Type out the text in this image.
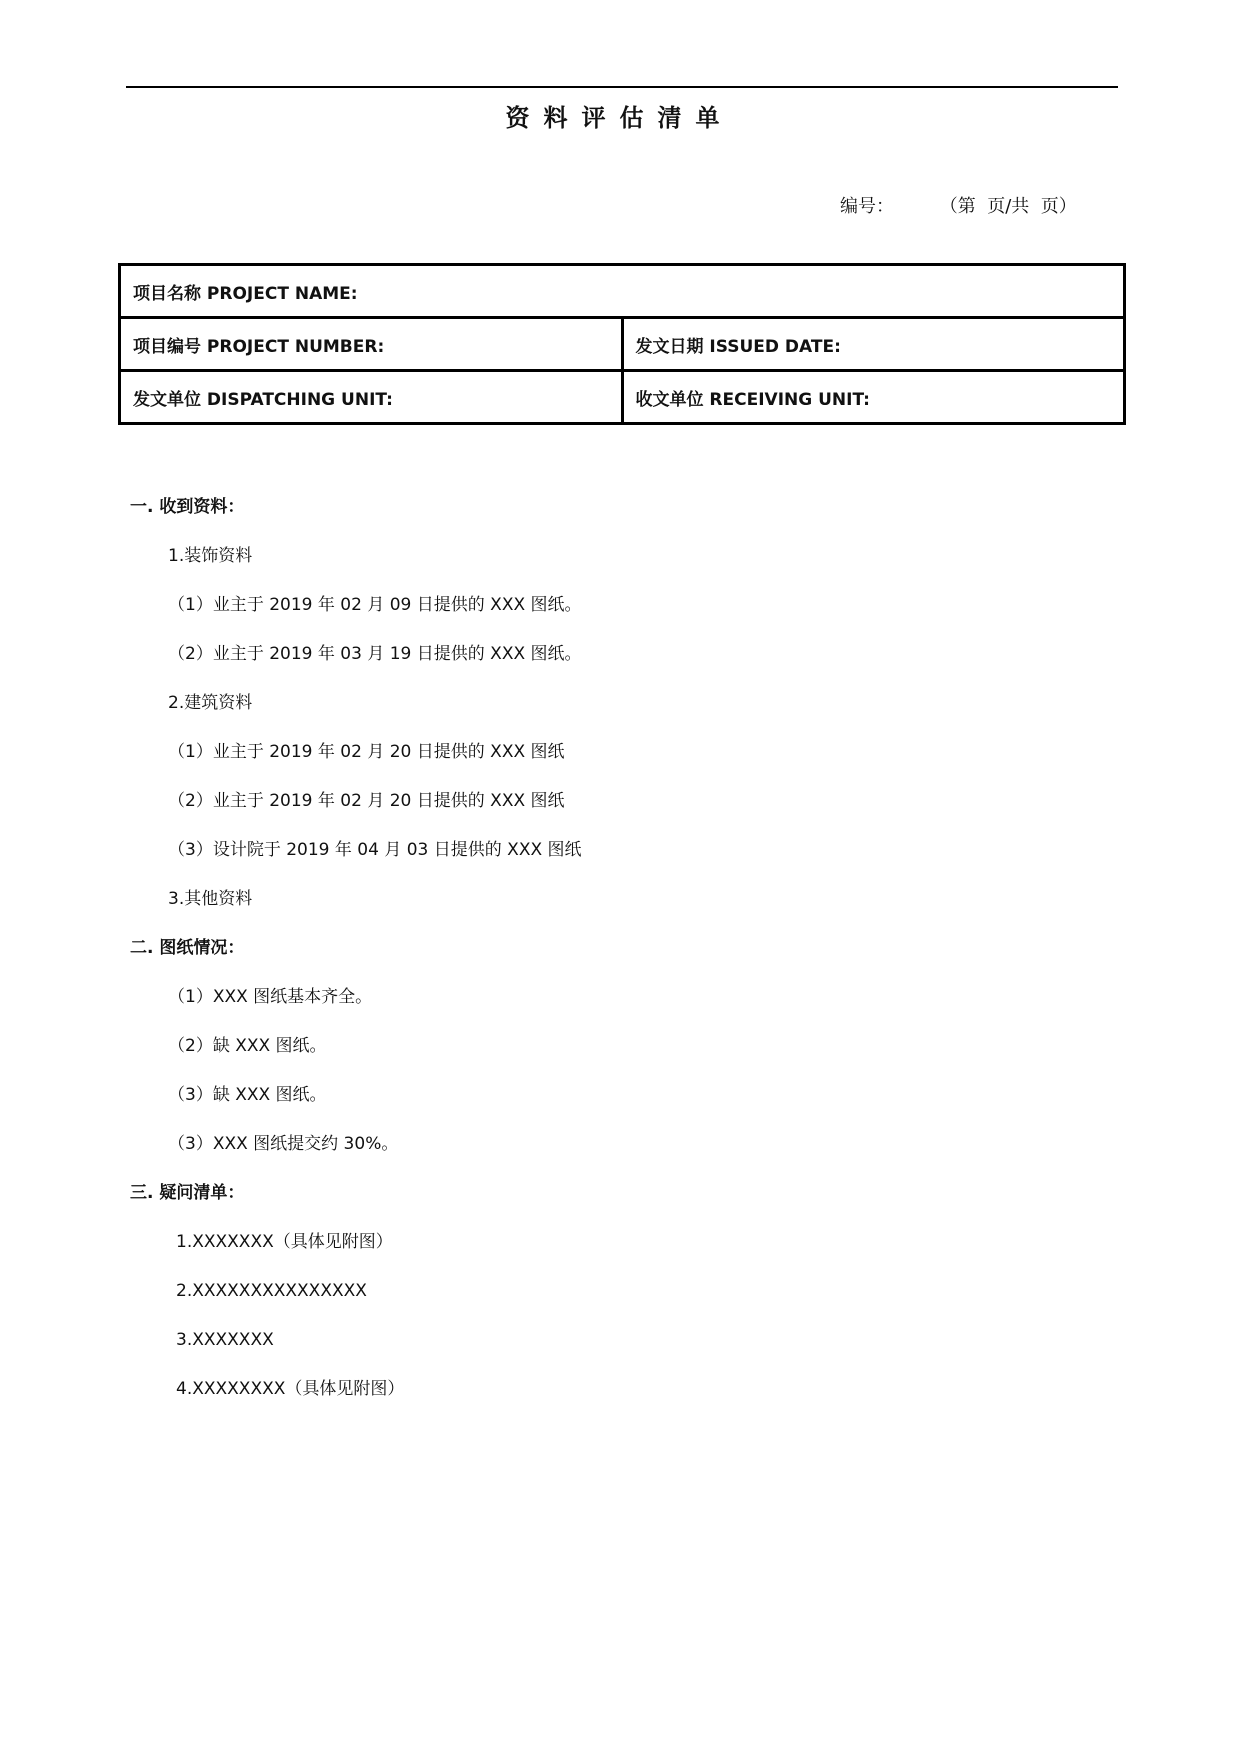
资料评估清单
编号：	（第  页/共  页）
项目名称 PROJECT NAME:	
项目编号 PROJECT NUMBER:	发文日期 ISSUED DATE:
发文单位 DISPATCHING UNIT:	收文单位 RECEIVING UNIT:
一. 收到资料：
1.装饰资料
（1）业主于 2019 年 02 月 09 日提供的 XXX 图纸。
（2）业主于 2019 年 03 月 19 日提供的 XXX 图纸。
2.建筑资料
（1）业主于 2019 年 02 月 20 日提供的 XXX 图纸
（2）业主于 2019 年 02 月 20 日提供的 XXX 图纸
（3）设计院于 2019 年 04 月 03 日提供的 XXX 图纸
3.其他资料
二. 图纸情况：
（1）XXX 图纸基本齐全。
（2）缺 XXX 图纸。
（3）缺 XXX 图纸。
（3）XXX 图纸提交约 30%。
三. 疑问清单：
1.XXXXXXX（具体见附图）
2.XXXXXXXXXXXXXXX
3.XXXXXXX
4.XXXXXXXX（具体见附图）
